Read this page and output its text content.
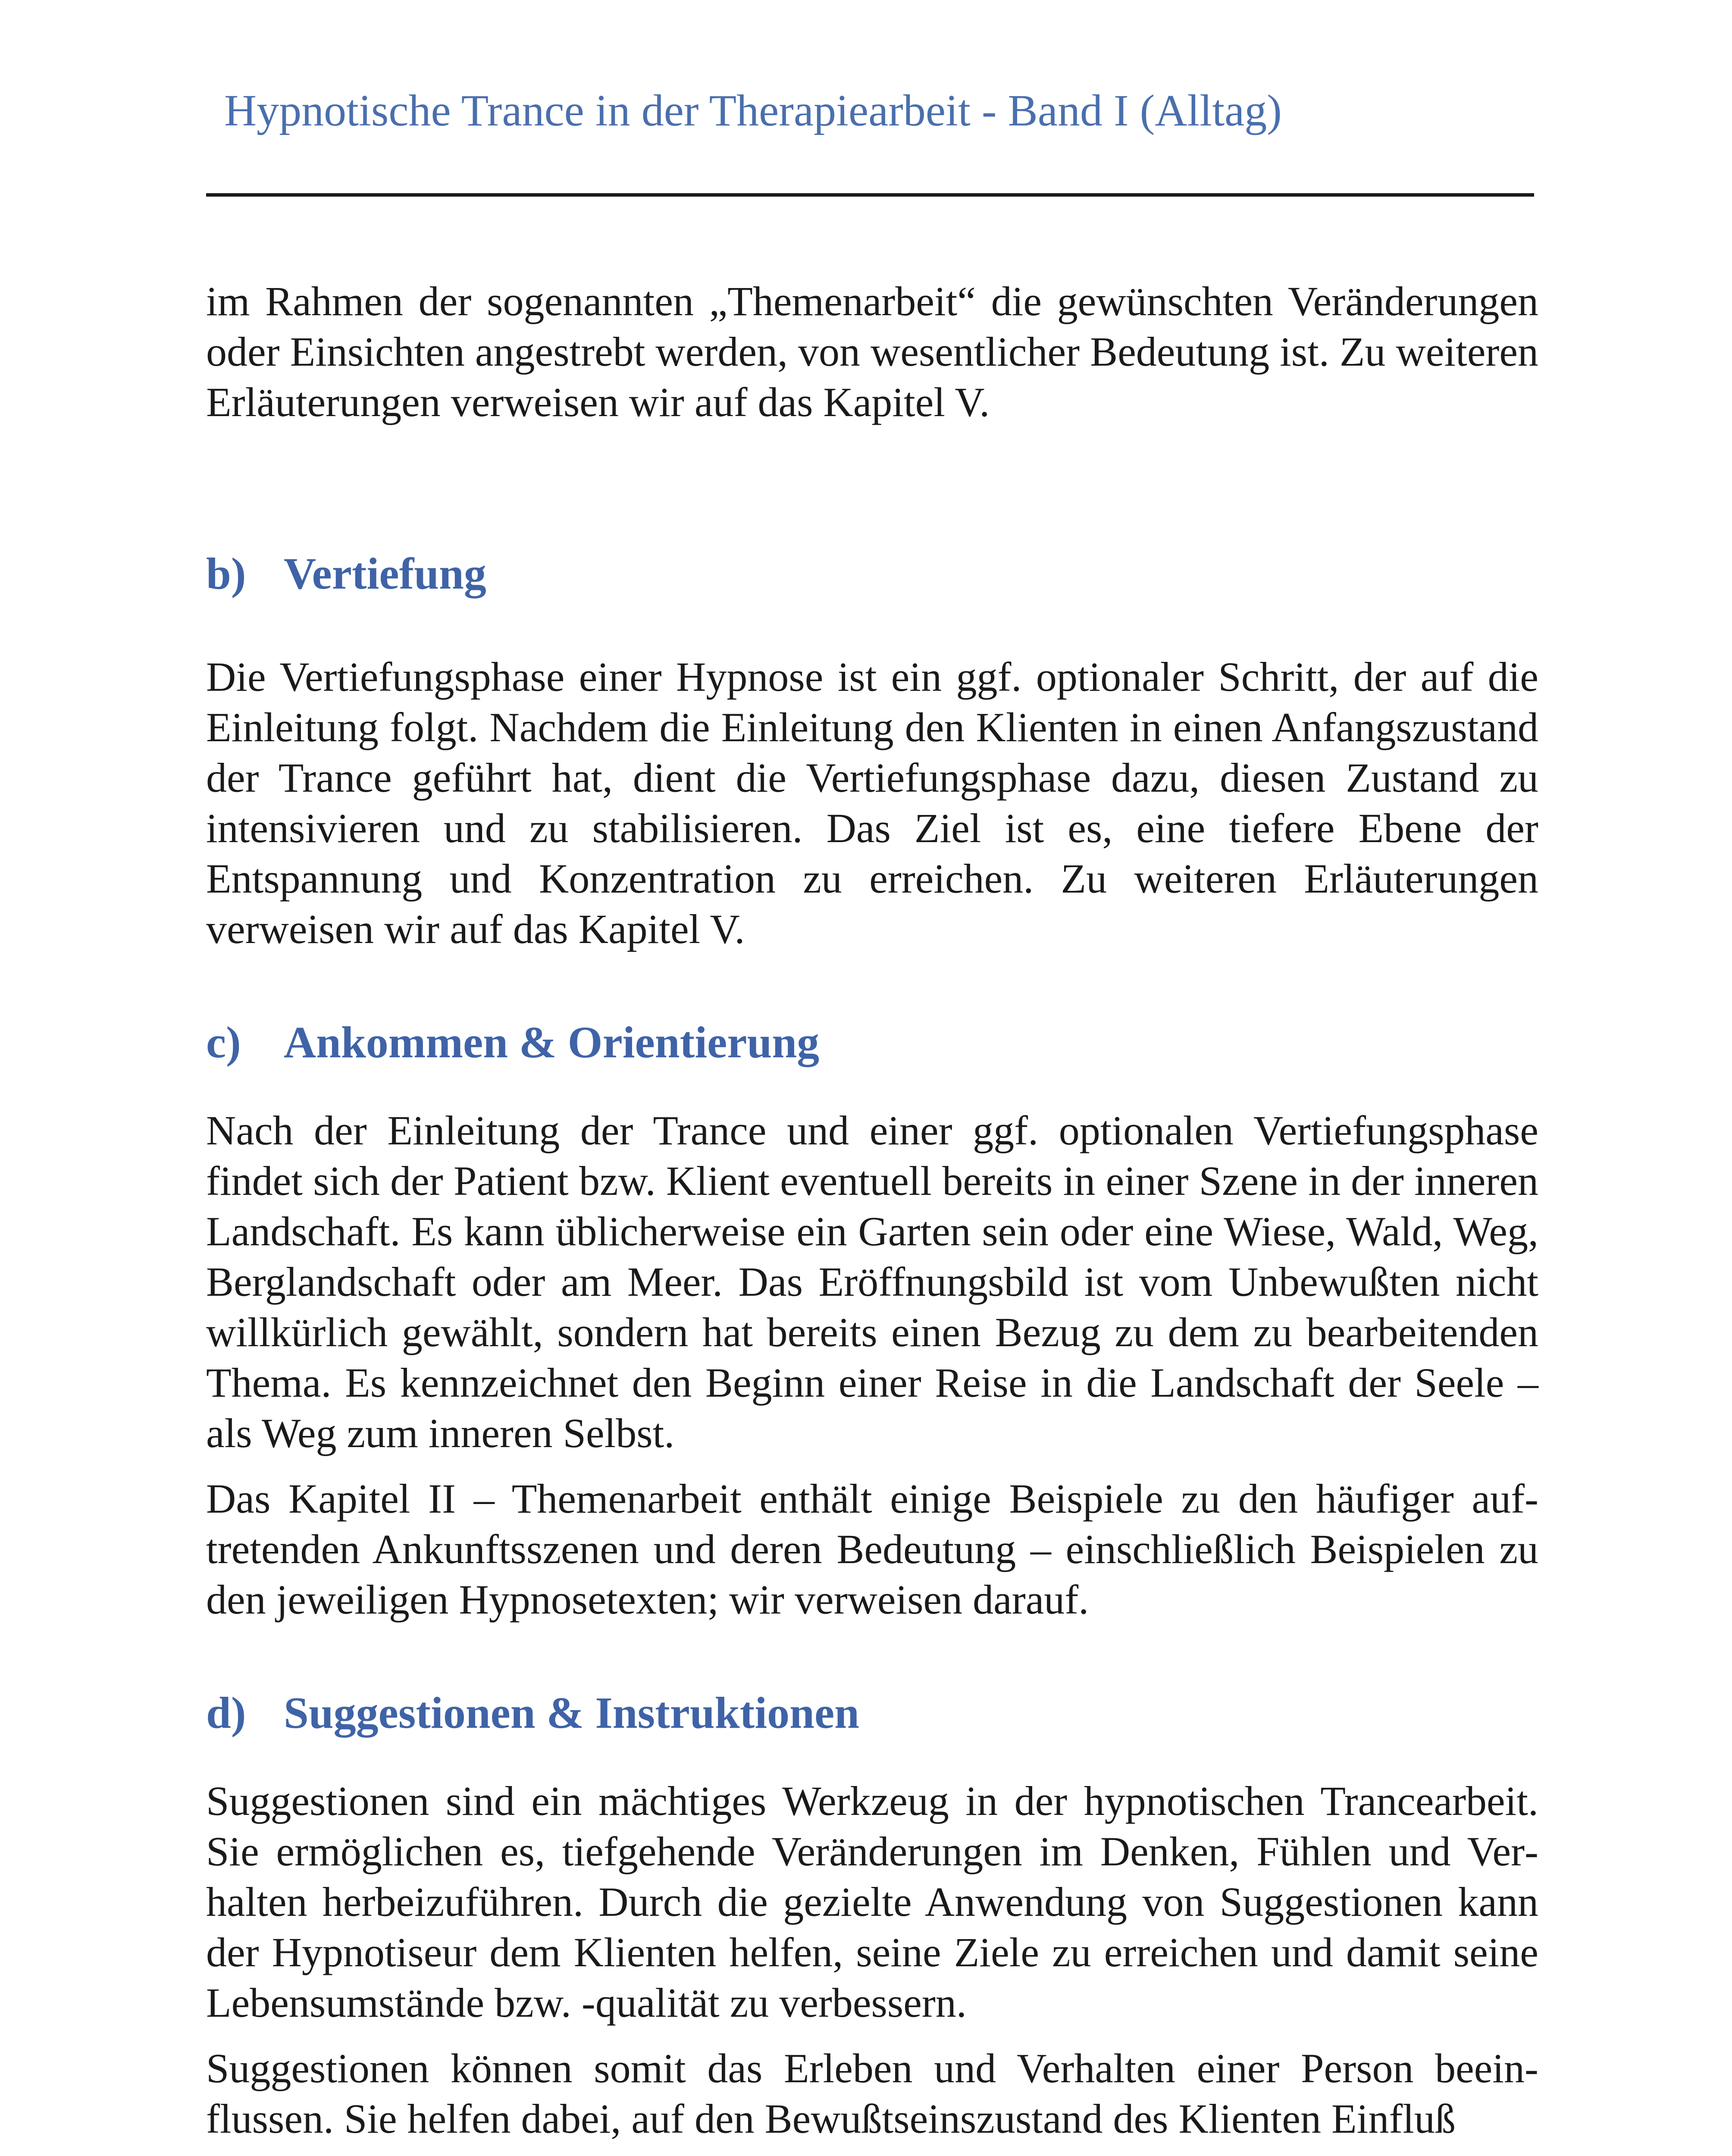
Hypnotische Trance in der Therapiearbeit - Band I (Alltag)

im Rahmen der sogenannten „Themenarbeit“ die gewünschten Veränderungen oder Einsichten angestrebt werden, von wesentlicher Bedeutung ist. Zu weiteren Erläuterungen verweisen wir auf das Kapitel V.

b) Vertiefung

Die Vertiefungsphase einer Hypnose ist ein ggf. optionaler Schritt, der auf die Einleitung folgt. Nachdem die Einleitung den Klienten in einen Anfangszustand der Trance geführt hat, dient die Vertiefungsphase dazu, diesen Zustand zu intensivieren und zu stabilisieren. Das Ziel ist es, eine tiefere Ebene der Entspannung und Konzentration zu erreichen. Zu weiteren Erläuterungen verweisen wir auf das Kapitel V.

c) Ankommen & Orientierung

Nach der Einleitung der Trance und einer ggf. optionalen Vertiefungsphase findet sich der Patient bzw. Klient eventuell bereits in einer Szene in der inneren Landschaft. Es kann üblicherweise ein Garten sein oder eine Wiese, Wald, Weg, Berglandschaft oder am Meer. Das Eröffnungsbild ist vom Unbewußten nicht willkürlich gewählt, sondern hat bereits einen Bezug zu dem zu bearbeitenden Thema. Es kennzeichnet den Beginn einer Reise in die Landschaft der Seele – als Weg zum inneren Selbst.

Das Kapitel II – Themenarbeit enthält einige Beispiele zu den häufiger auftretenden Ankunftsszenen und deren Bedeutung – einschließlich Beispielen zu den jeweiligen Hypnosetexten; wir verweisen darauf.

d) Suggestionen & Instruktionen

Suggestionen sind ein mächtiges Werkzeug in der hypnotischen Trancearbeit. Sie ermöglichen es, tiefgehende Veränderungen im Denken, Fühlen und Verhalten herbeizuführen. Durch die gezielte Anwendung von Suggestionen kann der Hypnotiseur dem Klienten helfen, seine Ziele zu erreichen und damit seine Lebensumstände bzw. -qualität zu verbessern.

Suggestionen können somit das Erleben und Verhalten einer Person beeinflussen. Sie helfen dabei, auf den Bewußtseinszustand des Klienten Einfluß
